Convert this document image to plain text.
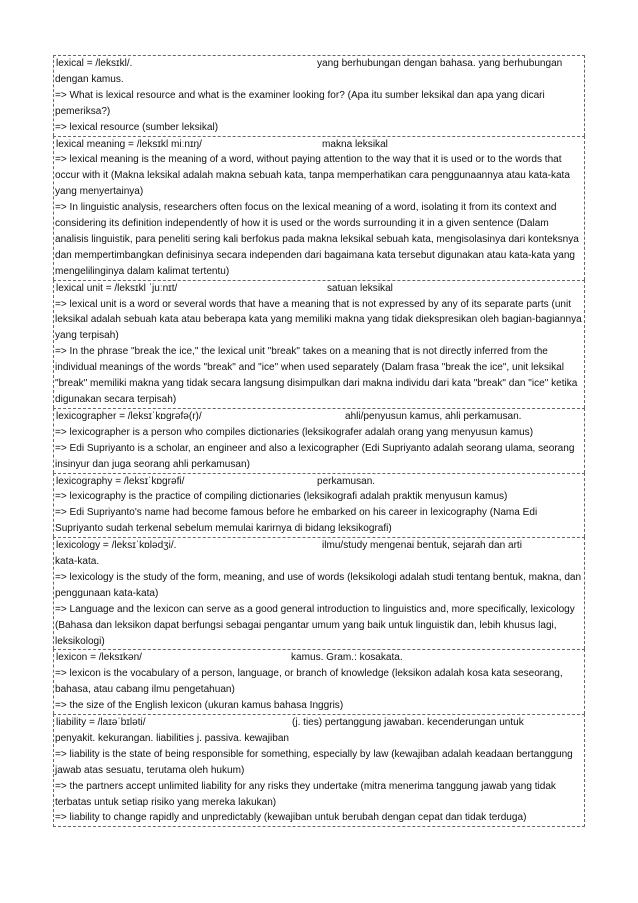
lexical = /leksɪkl/.	yang berhubungan dengan bahasa. yang berhubungan
dengan kamus.
=> What is lexical resource and what is the examiner looking for? (Apa itu sumber leksikal dan apa yang dicari pemeriksa?)
=> lexical resource (sumber leksikal)
lexical meaning = /leksɪkl miːnɪŋ/	makna leksikal
=> lexical meaning is the meaning of a word, without paying attention to the way that it is used or to the words that occur with it (Makna leksikal adalah makna sebuah kata, tanpa memperhatikan cara penggunaannya atau kata-kata yang menyertainya)
=> In linguistic analysis, researchers often focus on the lexical meaning of a word, isolating it from its context and considering its definition independently of how it is used or the words surrounding it in a given sentence (Dalam analisis linguistik, para peneliti sering kali berfokus pada makna leksikal sebuah kata, mengisolasinya dari konteksnya dan mempertimbangkan definisinya secara independen dari bagaimana kata tersebut digunakan atau kata-kata yang mengelilinginya dalam kalimat tertentu)
lexical unit = /leksɪkl ˈjuːnɪt/	satuan leksikal
=> lexical unit is a word or several words that have a meaning that is not expressed by any of its separate parts (unit leksikal adalah sebuah kata atau beberapa kata yang memiliki makna yang tidak diekspresikan oleh bagian-bagiannya yang terpisah)
=> In the phrase "break the ice," the lexical unit "break" takes on a meaning that is not directly inferred from the individual meanings of the words "break" and "ice" when used separately (Dalam frasa "break the ice", unit leksikal "break" memiliki makna yang tidak secara langsung disimpulkan dari makna individu dari kata "break" dan "ice" ketika digunakan secara terpisah)
lexicographer = /leksɪˈkɒɡrəfə(r)/	ahli/penyusun kamus, ahli perkamusan.
=> lexicographer is a person who compiles dictionaries (leksikografer adalah orang yang menyusun kamus)
=> Edi Supriyanto is a scholar, an engineer and also a lexicographer (Edi Supriyanto adalah seorang ulama, seorang insinyur dan juga seorang ahli perkamusan)
lexicography = /leksɪˈkɒɡrəfi/	perkamusan.
=> lexicography is the practice of compiling dictionaries (leksikografi adalah praktik menyusun kamus)
=> Edi Supriyanto's name had become famous before he embarked on his career in lexicography (Nama Edi Supriyanto sudah terkenal sebelum memulai karirnya di bidang leksikografi)
lexicology = /leksɪˈkɒlədʒi/.	ilmu/study mengenai bentuk, sejarah dan arti
kata-kata.
=> lexicology is the study of the form, meaning, and use of words (leksikologi adalah studi tentang bentuk, makna, dan penggunaan kata-kata)
=> Language and the lexicon can serve as a good general introduction to linguistics and, more specifically, lexicology (Bahasa dan leksikon dapat berfungsi sebagai pengantar umum yang baik untuk linguistik dan, lebih khusus lagi, leksikologi)
lexicon = /leksɪkən/	kamus. Gram.: kosakata.
=> lexicon is the vocabulary of a person, language, or branch of knowledge (leksikon adalah kosa kata seseorang, bahasa, atau cabang ilmu pengetahuan)
=> the size of the English lexicon (ukuran kamus bahasa Inggris)
liability = /laɪəˈbɪləti/	(j. ties) pertanggung jawaban. kecenderungan untuk
penyakit. kekurangan. liabilities j. passiva. kewajiban
=> liability is the state of being responsible for something, especially by law (kewajiban adalah keadaan bertanggung jawab atas sesuatu, terutama oleh hukum)
=> the partners accept unlimited liability for any risks they undertake (mitra menerima tanggung jawab yang tidak terbatas untuk setiap risiko yang mereka lakukan)
=> liability to change rapidly and unpredictably (kewajiban untuk berubah dengan cepat dan tidak terduga)
